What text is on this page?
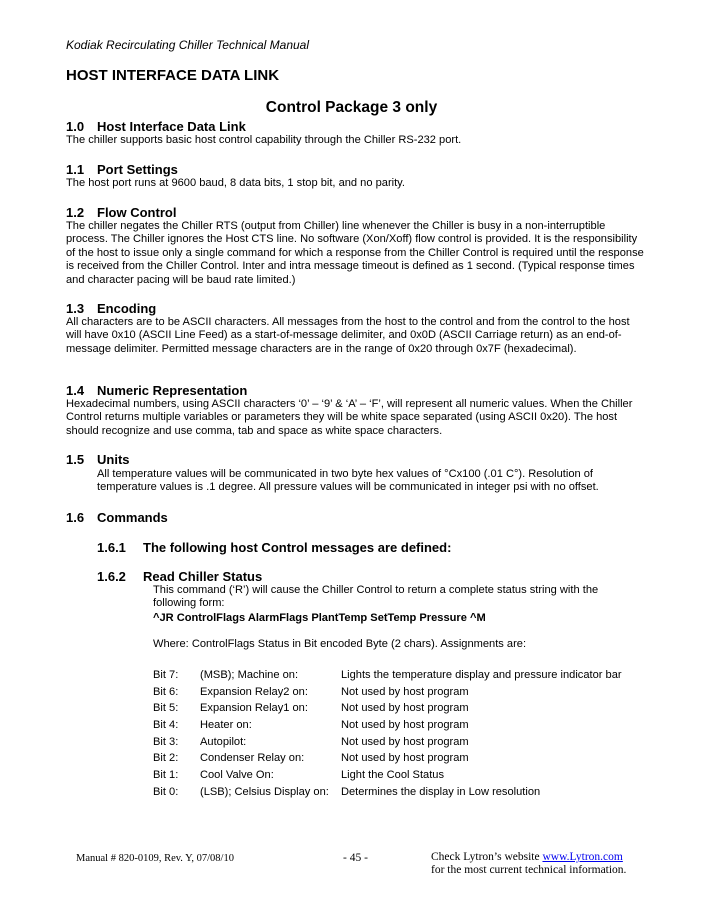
Kodiak Recirculating Chiller Technical Manual
HOST INTERFACE DATA LINK
Control Package 3 only
1.0 Host Interface Data Link
The chiller supports basic host control capability through the Chiller RS-232 port.
1.1 Port Settings
The host port runs at 9600 baud, 8 data bits, 1 stop bit, and no parity.
1.2 Flow Control
The chiller negates the Chiller RTS (output from Chiller) line whenever the Chiller is busy in a non-interruptible process. The Chiller ignores the Host CTS line. No software (Xon/Xoff) flow control is provided. It is the responsibility of the host to issue only a single command for which a response from the Chiller Control is required until the response is received from the Chiller Control. Inter and intra message timeout is defined as 1 second. (Typical response times and character pacing will be baud rate limited.)
1.3 Encoding
All characters are to be ASCII characters. All messages from the host to the control and from the control to the host will have 0x10 (ASCII Line Feed) as a start-of-message delimiter, and 0x0D (ASCII Carriage return) as an end-of-message delimiter. Permitted message characters are in the range of 0x20 through 0x7F (hexadecimal).
1.4 Numeric Representation
Hexadecimal numbers, using ASCII characters ‘0’ – ‘9’ & ‘A’ – ‘F’, will represent all numeric values. When the Chiller Control returns multiple variables or parameters they will be white space separated (using ASCII 0x20). The host should recognize and use comma, tab and space as white space characters.
1.5 Units
All temperature values will be communicated in two byte hex values of °Cx100 (.01 C°). Resolution of temperature values is .1 degree. All pressure values will be communicated in integer psi with no offset.
1.6 Commands
1.6.1 The following host Control messages are defined:
1.6.2 Read Chiller Status
This command (‘R’) will cause the Chiller Control to return a complete status string with the following form:
^JR ControlFlags AlarmFlags PlantTemp SetTemp Pressure ^M
Where: ControlFlags Status in Bit encoded Byte (2 chars). Assignments are:
Bit 7: (MSB); Machine on:	Lights the temperature display and pressure indicator bar
Bit 6: Expansion Relay2 on:	Not used by host program
Bit 5: Expansion Relay1 on:	Not used by host program
Bit 4: Heater on:	Not used by host program
Bit 3: Autopilot:	Not used by host program
Bit 2: Condenser Relay on:	Not used by host program
Bit 1: Cool Valve On:	Light the Cool Status
Bit 0: (LSB); Celsius Display on: Determines the display in Low resolution
Manual # 820-0109, Rev. Y, 07/08/10	- 45 -	Check Lytron’s website www.Lytron.com
for the most current technical information.
